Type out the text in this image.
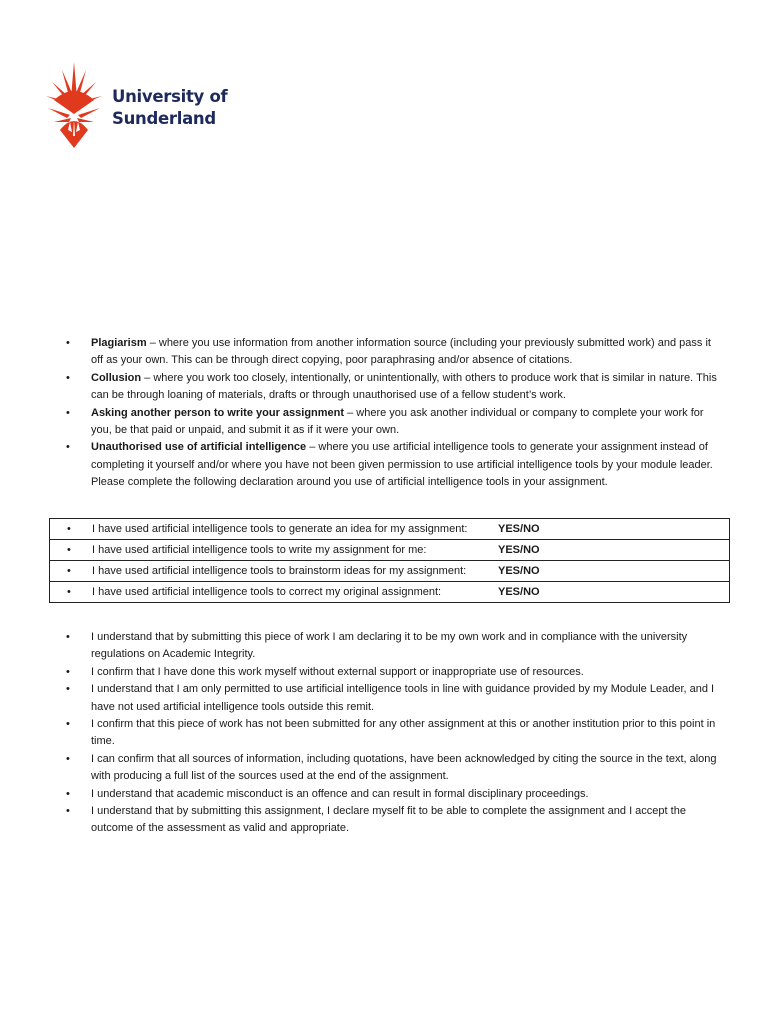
University of
Sunderland
• Plagiarism – where you use information from another information source (including your previously submitted work) and pass it off as your own. This can be through direct copying, poor paraphrasing and/or absence of citations.
• Collusion – where you work too closely, intentionally, or unintentionally, with others to produce work that is similar in nature. This can be through loaning of materials, drafts or through unauthorised use of a fellow student’s work.
• Asking another person to write your assignment – where you ask another individual or company to complete your work for you, be that paid or unpaid, and submit it as if it were your own.
• Unauthorised use of artificial intelligence – where you use artificial intelligence tools to generate your assignment instead of completing it yourself and/or where you have not been given permission to use artificial intelligence tools by your module leader. Please complete the following declaration around you use of artificial intelligence tools in your assignment.
• I have used artificial intelligence tools to generate an idea for my assignment:	YES/NO

• I have used artificial intelligence tools to write my assignment for me:	YES/NO

• I have used artificial intelligence tools to brainstorm ideas for my assignment:	YES/NO

• I have used artificial intelligence tools to correct my original assignment:	YES/NO
• I understand that by submitting this piece of work I am declaring it to be my own work and in compliance with the university regulations on Academic Integrity.
• I confirm that I have done this work myself without external support or inappropriate use of resources.
• I understand that I am only permitted to use artificial intelligence tools in line with guidance provided by my Module Leader, and I have not used artificial intelligence tools outside this remit.
• I confirm that this piece of work has not been submitted for any other assignment at this or another institution prior to this point in time.
• I can confirm that all sources of information, including quotations, have been acknowledged by citing the source in the text, along with producing a full list of the sources used at the end of the assignment.
• I understand that academic misconduct is an offence and can result in formal disciplinary proceedings.
• I understand that by submitting this assignment, I declare myself fit to be able to complete the assignment and I accept the outcome of the assessment as valid and appropriate.
